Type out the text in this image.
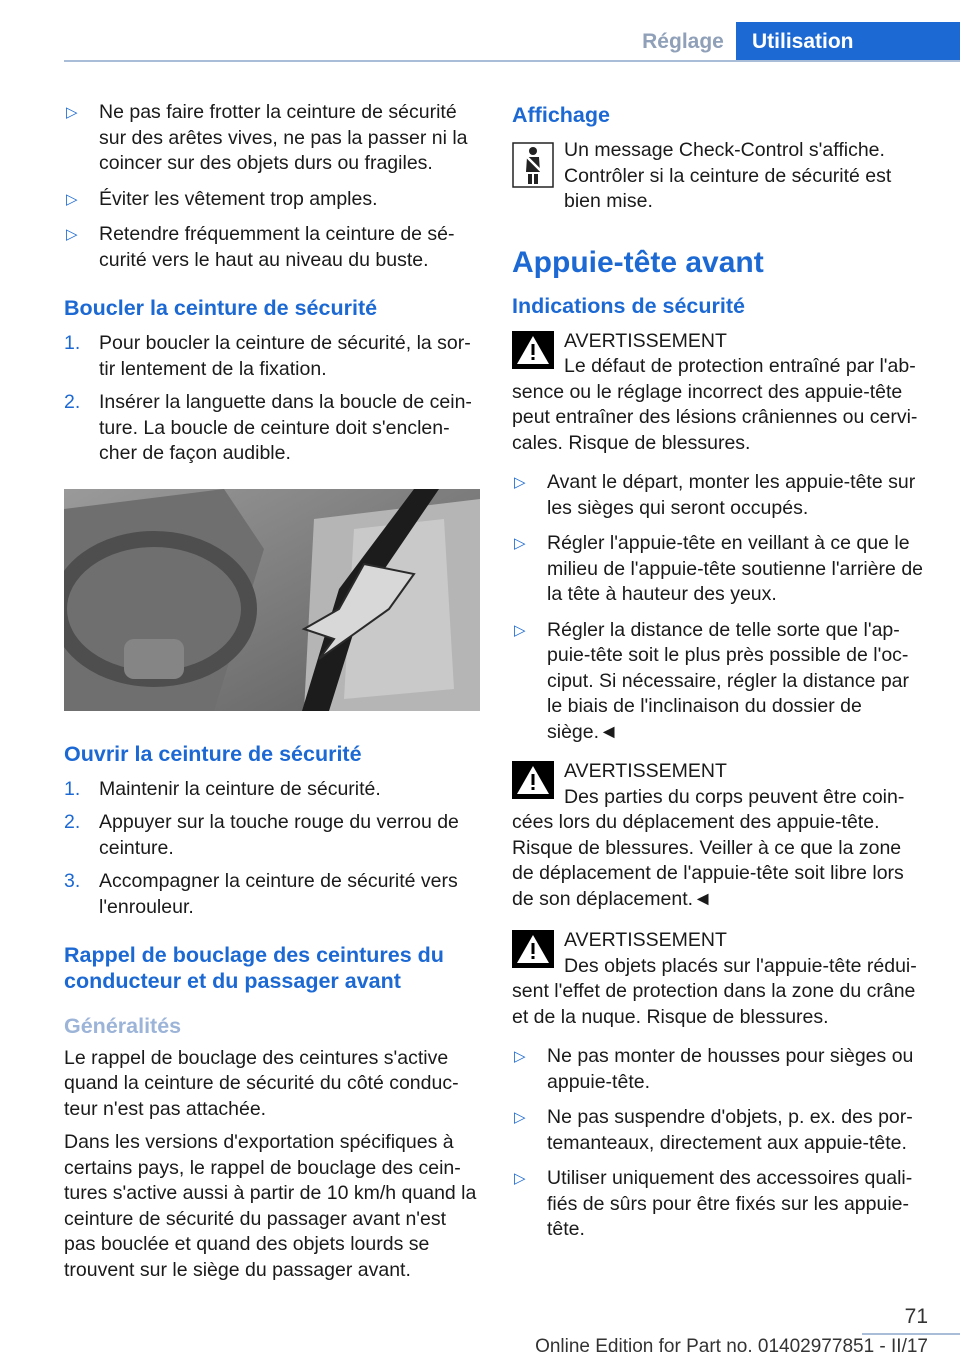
Réglage	Utilisation
▷ Ne pas faire frotter la ceinture de sécurité sur des arêtes vives, ne pas la passer ni la coincer sur des objets durs ou fragiles.
▷ Éviter les vêtement trop amples.
▷ Retendre fréquemment la ceinture de sé-curité vers le haut au niveau du buste.
Boucler la ceinture de sécurité
1. Pour boucler la ceinture de sécurité, la sor-tir lentement de la fixation.
2. Insérer la languette dans la boucle de cein-ture. La boucle de ceinture doit s'enclen-cher de façon audible.
Ouvrir la ceinture de sécurité
1. Maintenir la ceinture de sécurité.
2. Appuyer sur la touche rouge du verrou de ceinture.
3. Accompagner la ceinture de sécurité vers l'enrouleur.
Rappel de bouclage des ceintures du conducteur et du passager avant
Généralités

Le rappel de bouclage des ceintures s'active quand la ceinture de sécurité du côté conduc-teur n'est pas attachée.

Dans les versions d'exportation spécifiques à certains pays, le rappel de bouclage des cein-tures s'active aussi à partir de 10 km/h quand la ceinture de sécurité du passager avant n'est pas bouclée et quand des objets lourds se trouvent sur le siège du passager avant.

Affichage

Un message Check-Control s'affiche. Contrôler si la ceinture de sécurité est bien mise.

Appuie-tête avant
Indications de sécurité
AVERTISSEMENT
Le défaut de protection entraîné par l'ab-sence ou le réglage incorrect des appuie-tête peut entraîner des lésions crâniennes ou cervi-cales. Risque de blessures.
▷ Avant le départ, monter les appuie-tête sur les sièges qui seront occupés.
▷ Régler l'appuie-tête en veillant à ce que le milieu de l'appuie-tête soutienne l'arrière de la tête à hauteur des yeux.
▷ Régler la distance de telle sorte que l'ap-puie-tête soit le plus près possible de l'oc-ciput. Si nécessaire, régler la distance par le biais de l'inclinaison du dossier de siège.◄
AVERTISSEMENT
Des parties du corps peuvent être coin-cées lors du déplacement des appuie-tête. Risque de blessures. Veiller à ce que la zone de déplacement de l'appuie-tête soit libre lors de son déplacement.◄
AVERTISSEMENT
Des objets placés sur l'appuie-tête rédui-sent l'effet de protection dans la zone du crâne et de la nuque. Risque de blessures.
▷ Ne pas monter de housses pour sièges ou appuie-tête.
▷ Ne pas suspendre d'objets, p. ex. des por-temanteaux, directement aux appuie-tête.
▷ Utiliser uniquement des accessoires quali-fiés de sûrs pour être fixés sur les appuie-tête.
71
Online Edition for Part no. 01402977851 - II/17
